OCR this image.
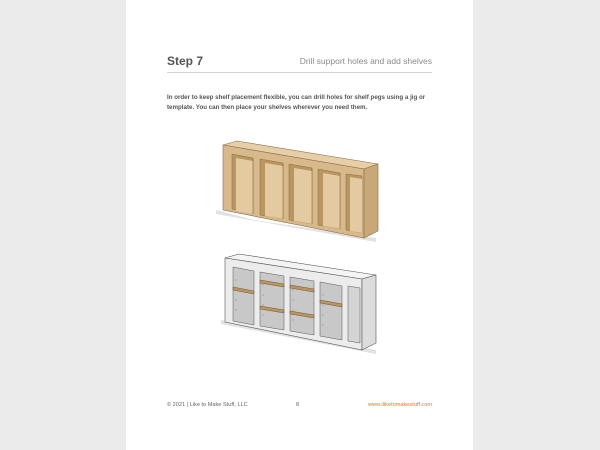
Step 7	Drill support holes and add shelves
In order to keep shelf placement flexible, you can drill holes for shelf pegs using a jig or template. You can then place your shelves wherever you need them.
© 2021 | Like to Make Stuff, LLC	8	www.iliketomakestuff.com
